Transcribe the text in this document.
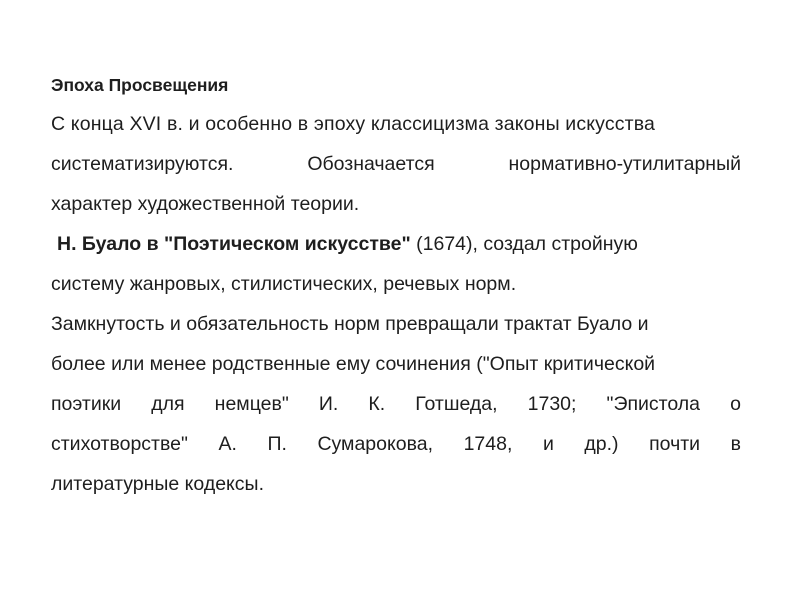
Эпоха Просвещения

С конца XVI в. и особенно в эпоху классицизма законы искусства

систематизируются.	Обозначается	нормативно-утилитарный

характер художественной теории.

Н. Буало в "Поэтическом искусстве" (1674), создал стройную

систему жанровых, стилистических, речевых норм.

Замкнутость и обязательность норм превращали трактат Буало и

более или менее родственные ему сочинения ("Опыт критической

поэтики для немцев" И. К. Готшеда, 1730; "Эпистола о

стихотворстве" А. П. Сумарокова, 1748, и др.) почти в

литературные кодексы.
